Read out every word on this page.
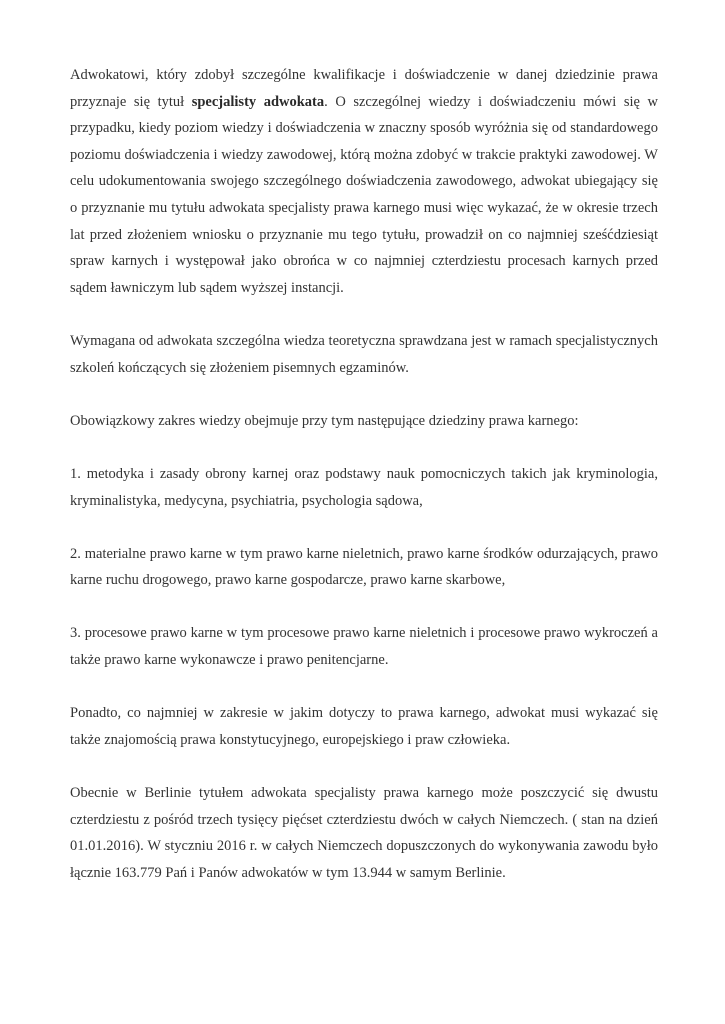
Adwokatowi, który zdobył szczególne kwalifikacje i doświadczenie w danej dziedzinie prawa przyznaje się tytuł specjalisty adwokata. O szczególnej wiedzy i doświadczeniu mówi się w przypadku, kiedy poziom wiedzy i doświadczenia w znaczny sposób wyróżnia się od standardowego poziomu doświadczenia i wiedzy zawodowej, którą można zdobyć w trakcie praktyki zawodowej. W celu udokumentowania swojego szczególnego doświadczenia zawodowego, adwokat ubiegający się o przyznanie mu tytułu adwokata specjalisty prawa karnego musi więc wykazać, że w okresie trzech lat przed złożeniem wniosku o przyznanie mu tego tytułu, prowadził on co najmniej sześćdziesiąt spraw karnych i występował jako obrońca w co najmniej czterdziestu procesach karnych przed sądem ławniczym lub sądem wyższej instancji.

Wymagana od adwokata szczególna wiedza teoretyczna sprawdzana jest w ramach specjalistycznych szkoleń kończących się złożeniem pisemnych egzaminów.

Obowiązkowy zakres wiedzy obejmuje przy tym następujące dziedziny prawa karnego:

1. metodyka i zasady obrony karnej oraz podstawy nauk pomocniczych takich jak kryminologia, kryminalistyka, medycyna, psychiatria, psychologia sądowa,

2. materialne prawo karne w tym prawo karne nieletnich, prawo karne środków odurzających, prawo karne ruchu drogowego, prawo karne gospodarcze, prawo karne skarbowe,

3. procesowe prawo karne w tym procesowe prawo karne nieletnich i procesowe prawo wykroczeń a także prawo karne wykonawcze i prawo penitencjarne.

Ponadto, co najmniej w zakresie w jakim dotyczy to prawa karnego, adwokat musi wykazać się także znajomością prawa konstytucyjnego, europejskiego i praw człowieka.

Obecnie w Berlinie tytułem adwokata specjalisty prawa karnego może poszczycić się dwustu czterdziestu z pośród trzech tysięcy pięćset czterdziestu dwóch w całych Niemczech. ( stan na dzień 01.01.2016). W styczniu 2016 r. w całych Niemczech dopuszczonych do wykonywania zawodu było łącznie 163.779 Pań i Panów adwokatów w tym 13.944 w samym Berlinie.
